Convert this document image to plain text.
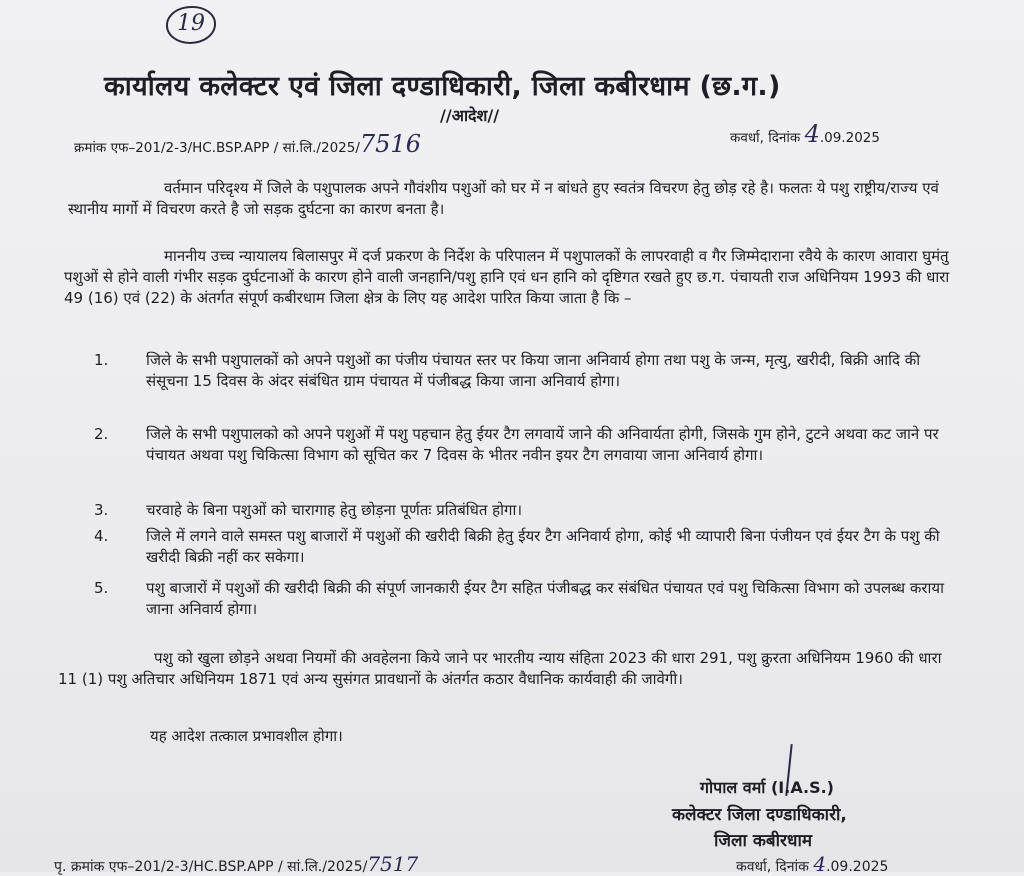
19
कार्यालय कलेक्टर एवं जिला दण्डाधिकारी, जिला कबीरधाम (छ.ग.)
//आदेश//
क्रमांक एफ–201/2-3/HC.BSP.APP / सां.लि./2025/7516	कवर्धा, दिनांक 4.09.2025
वर्तमान परिदृश्य में जिले के पशुपालक अपने गौवंशीय पशुओं को घर में न बांधते हुए स्वतंत्र विचरण हेतु छोड़ रहे है। फलतः ये पशु राष्ट्रीय/राज्य एवं स्थानीय मार्गो में विचरण करते है जो सड़क दुर्घटना का कारण बनता है।
माननीय उच्च न्यायालय बिलासपुर में दर्ज प्रकरण के निर्देश के परिपालन में पशुपालकों के लापरवाही व गैर जिम्मेदाराना रवैये के कारण आवारा घुमंतु पशुओं से होने वाली गंभीर सड़क दुर्घटनाओं के कारण होने वाली जनहानि/पशु हानि एवं धन हानि को दृष्टिगत रखते हुए छ.ग. पंचायती राज अधिनियम 1993 की धारा 49 (16) एवं (22) के अंतर्गत संपूर्ण कबीरधाम जिला क्षेत्र के लिए यह आदेश पारित किया जाता है कि –
1.	जिले के सभी पशुपालकों को अपने पशुओं का पंजीय पंचायत स्तर पर किया जाना अनिवार्य होगा तथा पशु के जन्म, मृत्यु, खरीदी, बिक्री आदि की संसूचना 15 दिवस के अंदर संबंधित ग्राम पंचायत में पंजीबद्ध किया जाना अनिवार्य होगा।
2.	जिले के सभी पशुपालको को अपने पशुओं में पशु पहचान हेतु ईयर टैग लगवायें जाने की अनिवार्यता होगी, जिसके गुम होने, टुटने अथवा कट जाने पर पंचायत अथवा पशु चिकित्सा विभाग को सूचित कर 7 दिवस के भीतर नवीन इयर टैग लगवाया जाना अनिवार्य होगा।
3.	चरवाहे के बिना पशुओं को चारागाह हेतु छोड़ना पूर्णतः प्रतिबंधित होगा।
4.	जिले में लगने वाले समस्त पशु बाजारों में पशुओं की खरीदी बिक्री हेतु ईयर टैग अनिवार्य होगा, कोई भी व्यापारी बिना पंजीयन एवं ईयर टैग के पशु की खरीदी बिक्री नहीं कर सकेगा।
5.	पशु बाजारों में पशुओं की खरीदी बिक्री की संपूर्ण जानकारी ईयर टैग सहित पंजीबद्ध कर संबंधित पंचायत एवं पशु चिकित्सा विभाग को उपलब्ध कराया जाना अनिवार्य होगा।
पशु को खुला छोड़ने अथवा नियमों की अवहेलना किये जाने पर भारतीय न्याय संहिता 2023 की धारा 291, पशु क्रुरता अधिनियम 1960 की धारा 11 (1) पशु अतिचार अधिनियम 1871 एवं अन्य सुसंगत प्रावधानों के अंतर्गत कठार वैधानिक कार्यवाही की जावेगी।
यह आदेश तत्काल प्रभावशील होगा।
गोपाल वर्मा (I.A.S.)
कलेक्टर जिला दण्डाधिकारी,
जिला कबीरधाम
पृ. क्रमांक एफ–201/2-3/HC.BSP.APP / सां.लि./2025/7517	कवर्धा, दिनांक 4.09.2025
